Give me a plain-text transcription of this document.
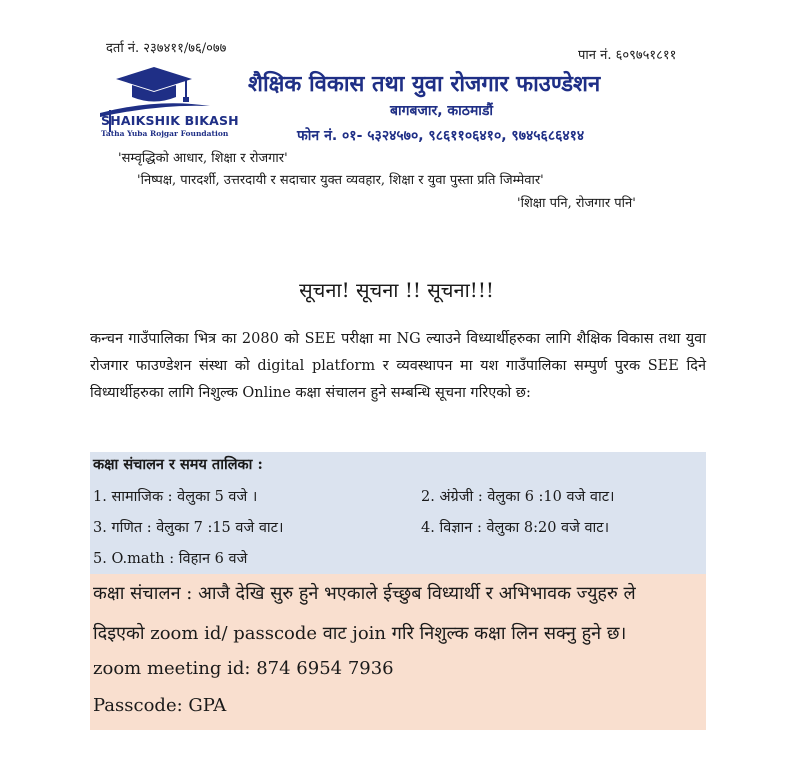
दर्ता नं. २३७४११/७६/०७७	पान नं. ६०९७५१८११
SHAIKSHIK BIKASH
Tatha Yuba Rojgar Foundation
शैक्षिक विकास तथा युवा रोजगार फाउण्डेशन
बागबजार, काठमाडौं
फोन नं. ०१- ५३२४५७०, ९८६११०६४१०, ९७४५६८६४१४
'सम्वृद्धिको आधार, शिक्षा र रोजगार'
'निष्पक्ष, पारदर्शी, उत्तरदायी र सदाचार युक्त व्यवहार, शिक्षा र युवा पुस्ता प्रति जिम्मेवार'
'शिक्षा पनि, रोजगार पनि'
सूचना! सूचना !! सूचना!!!
कन्चन गाउँपालिका भित्र का 2080 को SEE परीक्षा मा NG ल्याउने विध्यार्थीहरुका लागि शैक्षिक विकास तथा युवा रोजगार फाउण्डेशन संस्था को digital platform र व्यवस्थापन मा यश गाउँपालिका सम्पुर्ण पुरक SEE दिने विध्यार्थीहरुका लागि निशुल्क Online कक्षा संचालन हुने सम्बन्धि सूचना गरिएको छ:
कक्षा संचालन र समय तालिका :
1. सामाजिक : वेलुका 5 वजे ।	2. अंग्रेजी : वेलुका 6 :10 वजे वाट।
3. गणित : वेलुका 7 :15 वजे वाट।	4. विज्ञान : वेलुका 8:20 वजे वाट।
5. O.math : विहान 6 वजे
कक्षा संचालन : आजै देखि सुरु हुने भएकाले ईच्छुब विध्यार्थी र अभिभावक ज्युहरु ले
दिइएको zoom id/ passcode वाट join गरि निशुल्क कक्षा लिन सक्नु हुने छ।
zoom meeting id: 874 6954 7936
Passcode: GPA
